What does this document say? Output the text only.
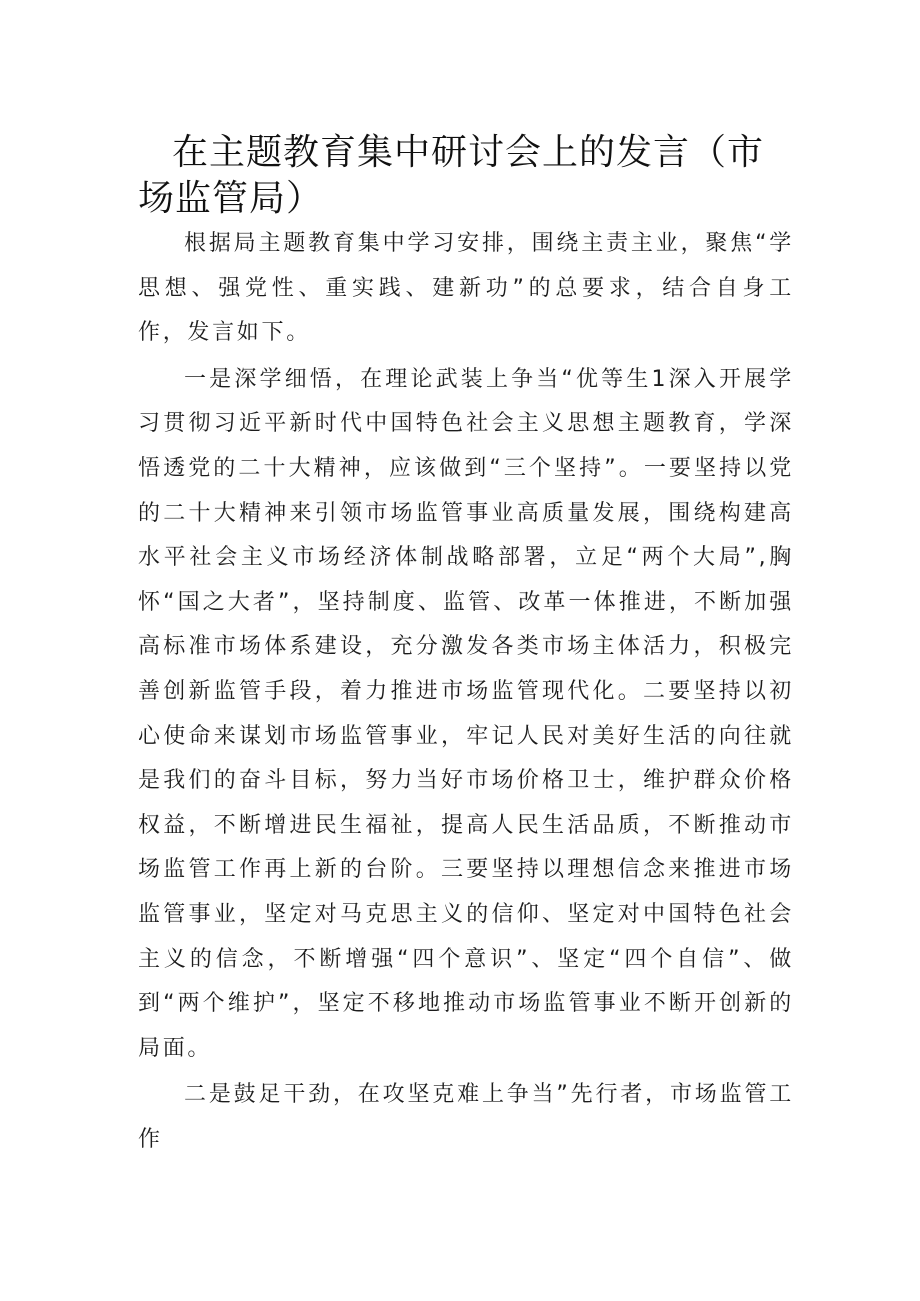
在主题教育集中研讨会上的发言（市场监管局）

根据局主题教育集中学习安排，围绕主责主业，聚焦“学思想、强党性、重实践、建新功”的总要求，结合自身工作，发言如下。

一是深学细悟，在理论武装上争当“优等生1深入开展学习贯彻习近平新时代中国特色社会主义思想主题教育，学深悟透党的二十大精神，应该做到“三个坚持”。一要坚持以党的二十大精神来引领市场监管事业高质量发展，围绕构建高水平社会主义市场经济体制战略部署，立足“两个大局”,胸怀“国之大者”，坚持制度、监管、改革一体推进，不断加强高标准市场体系建设，充分激发各类市场主体活力，积极完善创新监管手段，着力推进市场监管现代化。二要坚持以初心使命来谋划市场监管事业，牢记人民对美好生活的向往就是我们的奋斗目标，努力当好市场价格卫士，维护群众价格权益，不断增进民生福祉，提高人民生活品质，不断推动市场监管工作再上新的台阶。三要坚持以理想信念来推进市场监管事业，坚定对马克思主义的信仰、坚定对中国特色社会主义的信念，不断增强“四个意识”、坚定“四个自信”、做到“两个维护”，坚定不移地推动市场监管事业不断开创新的局面。

二是鼓足干劲，在攻坚克难上争当”先行者，市场监管工作
